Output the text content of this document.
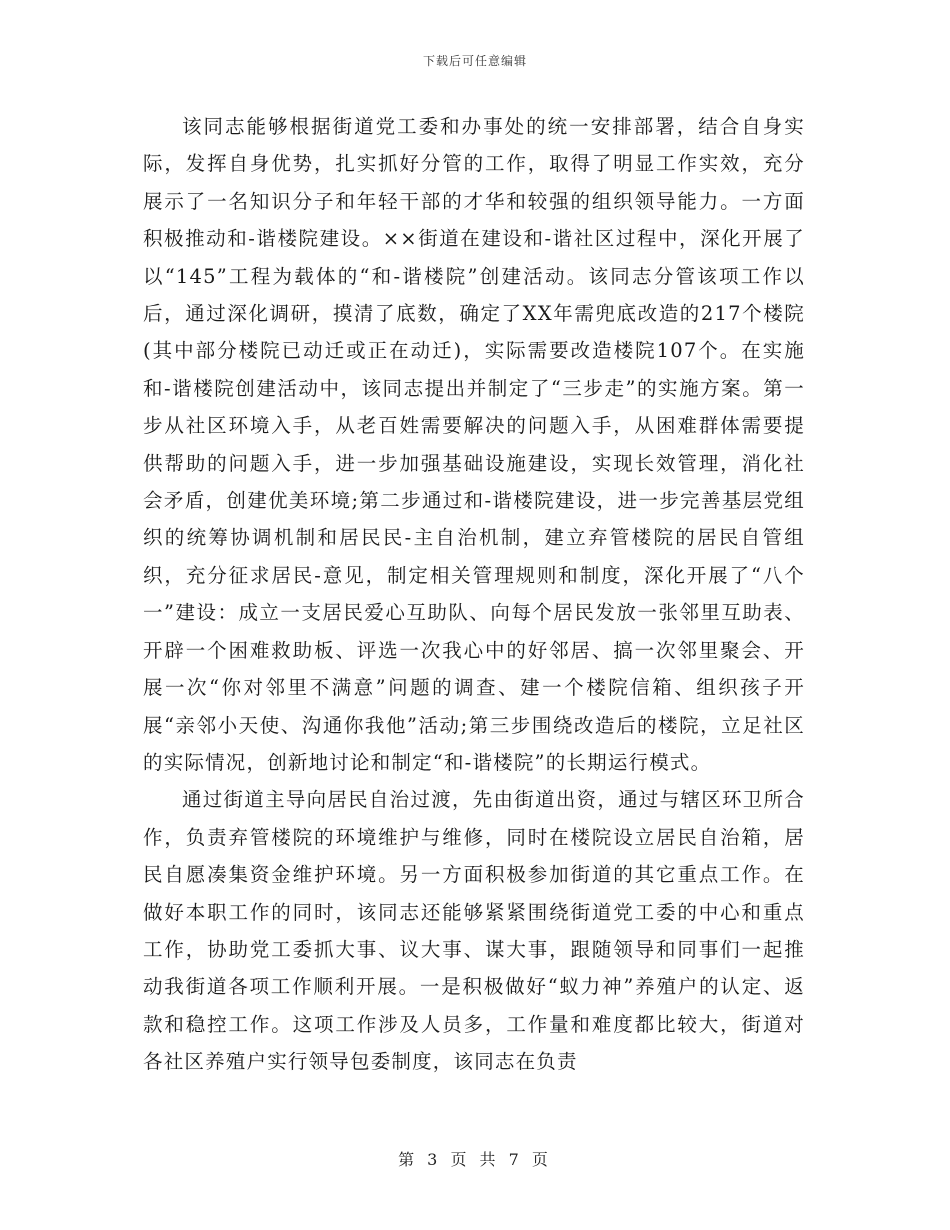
下载后可任意编辑

该同志能够根据街道党工委和办事处的统一安排部署，结合自身实际，发挥自身优势，扎实抓好分管的工作，取得了明显工作实效，充分展示了一名知识分子和年轻干部的才华和较强的组织领导能力。一方面积极推动和-谐楼院建设。××街道在建设和-谐社区过程中，深化开展了以“145”工程为载体的“和-谐楼院”创建活动。该同志分管该项工作以后，通过深化调研，摸清了底数，确定了XX年需兜底改造的217个楼院(其中部分楼院已动迁或正在动迁)，实际需要改造楼院107个。在实施和-谐楼院创建活动中，该同志提出并制定了“三步走”的实施方案。第一步从社区环境入手，从老百姓需要解决的问题入手，从困难群体需要提供帮助的问题入手，进一步加强基础设施建设，实现长效管理，消化社会矛盾，创建优美环境;第二步通过和-谐楼院建设，进一步完善基层党组织的统筹协调机制和居民民-主自治机制，建立弃管楼院的居民自管组织，充分征求居民-意见，制定相关管理规则和制度，深化开展了“八个一”建设：成立一支居民爱心互助队、向每个居民发放一张邻里互助表、开辟一个困难救助板、评选一次我心中的好邻居、搞一次邻里聚会、开展一次“你对邻里不满意”问题的调查、建一个楼院信箱、组织孩子开展“亲邻小天使、沟通你我他”活动;第三步围绕改造后的楼院，立足社区的实际情况，创新地讨论和制定“和-谐楼院”的长期运行模式。

通过街道主导向居民自治过渡，先由街道出资，通过与辖区环卫所合作，负责弃管楼院的环境维护与维修，同时在楼院设立居民自治箱，居民自愿凑集资金维护环境。另一方面积极参加街道的其它重点工作。在做好本职工作的同时，该同志还能够紧紧围绕街道党工委的中心和重点工作，协助党工委抓大事、议大事、谋大事，跟随领导和同事们一起推动我街道各项工作顺利开展。一是积极做好“蚁力神”养殖户的认定、返款和稳控工作。这项工作涉及人员多，工作量和难度都比较大，街道对各社区养殖户实行领导包委制度，该同志在负责

第 3 页 共 7 页
